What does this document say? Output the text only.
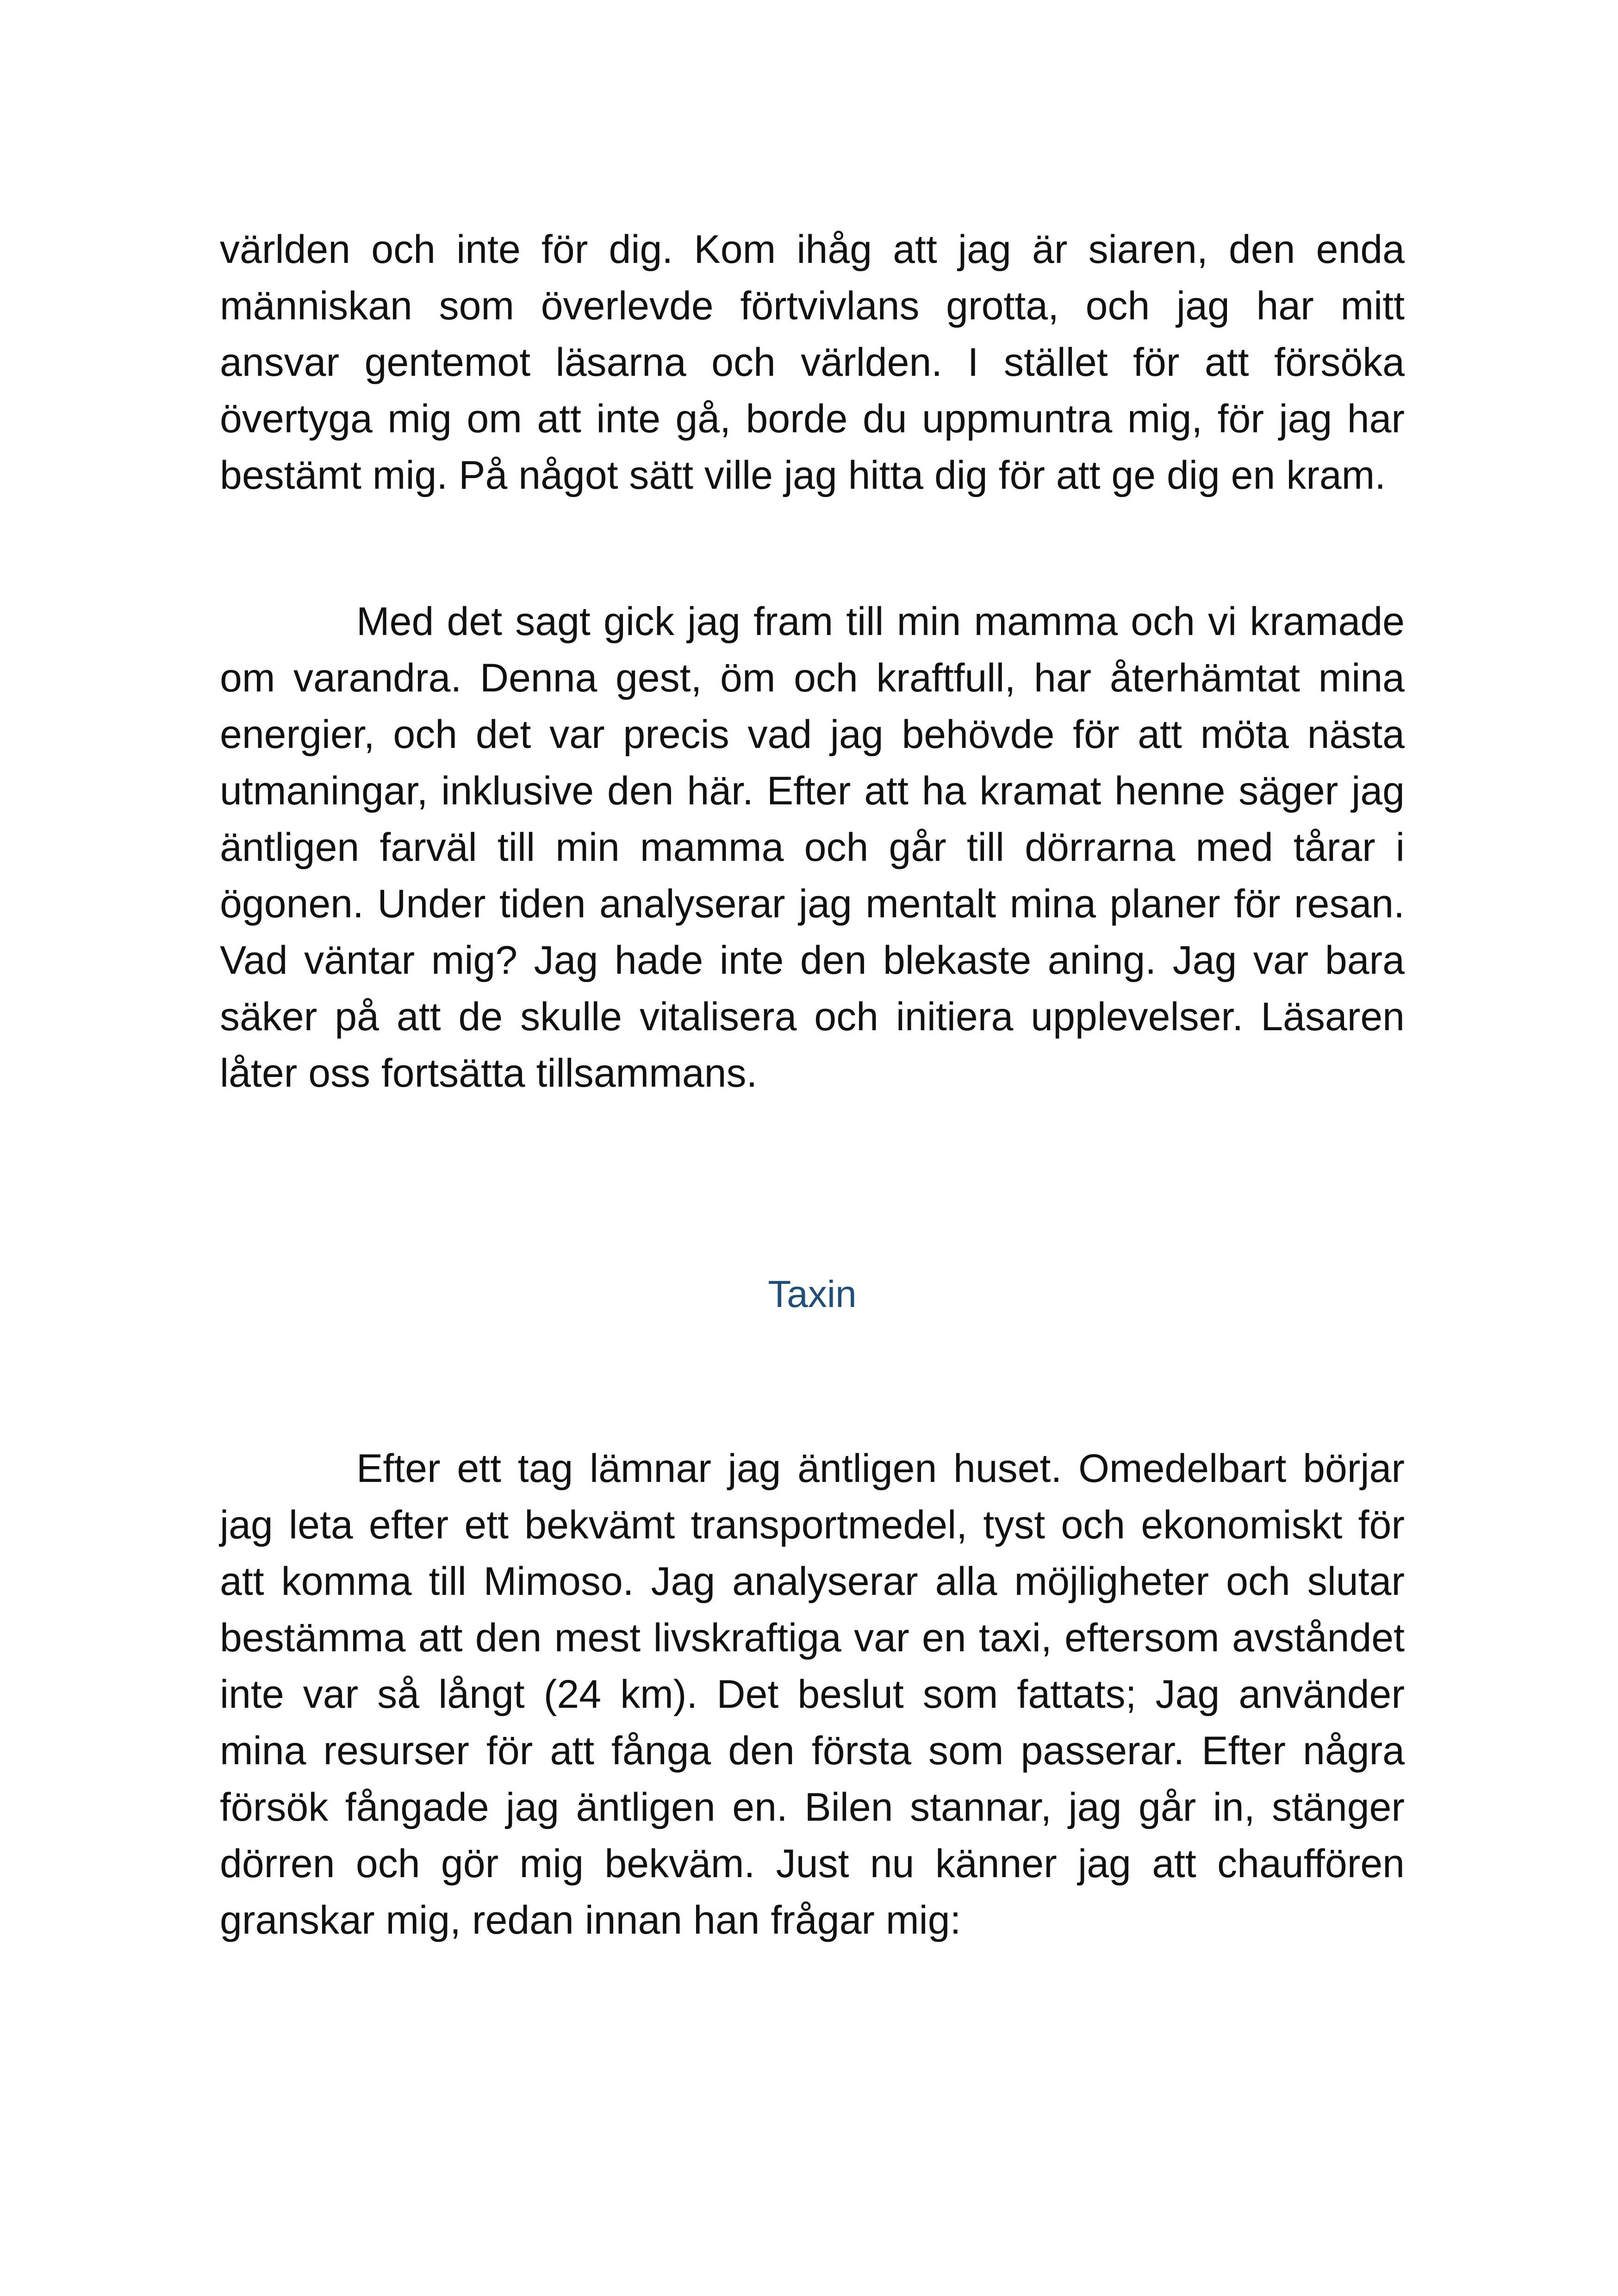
världen och inte för dig. Kom ihåg att jag är siaren, den enda människan som överlevde förtvivlans grotta, och jag har mitt ansvar gentemot läsarna och världen. I stället för att försöka övertyga mig om att inte gå, borde du uppmuntra mig, för jag har bestämt mig. På något sätt ville jag hitta dig för att ge dig en kram.

Med det sagt gick jag fram till min mamma och vi kramade om varandra. Denna gest, öm och kraftfull, har återhämtat mina energier, och det var precis vad jag behövde för att möta nästa utmaningar, inklusive den här. Efter att ha kramat henne säger jag äntligen farväl till min mamma och går till dörrarna med tårar i ögonen. Under tiden analyserar jag mentalt mina planer för resan. Vad väntar mig? Jag hade inte den blekaste aning. Jag var bara säker på att de skulle vitalisera och initiera upplevelser. Läsaren låter oss fortsätta tillsammans.

Taxin

Efter ett tag lämnar jag äntligen huset. Omedelbart börjar jag leta efter ett bekvämt transportmedel, tyst och ekonomiskt för att komma till Mimoso. Jag analyserar alla möjligheter och slutar bestämma att den mest livskraftiga var en taxi, eftersom avståndet inte var så långt (24 km). Det beslut som fattats; Jag använder mina resurser för att fånga den första som passerar. Efter några försök fångade jag äntligen en. Bilen stannar, jag går in, stänger dörren och gör mig bekväm. Just nu känner jag att chauffören granskar mig, redan innan han frågar mig:
